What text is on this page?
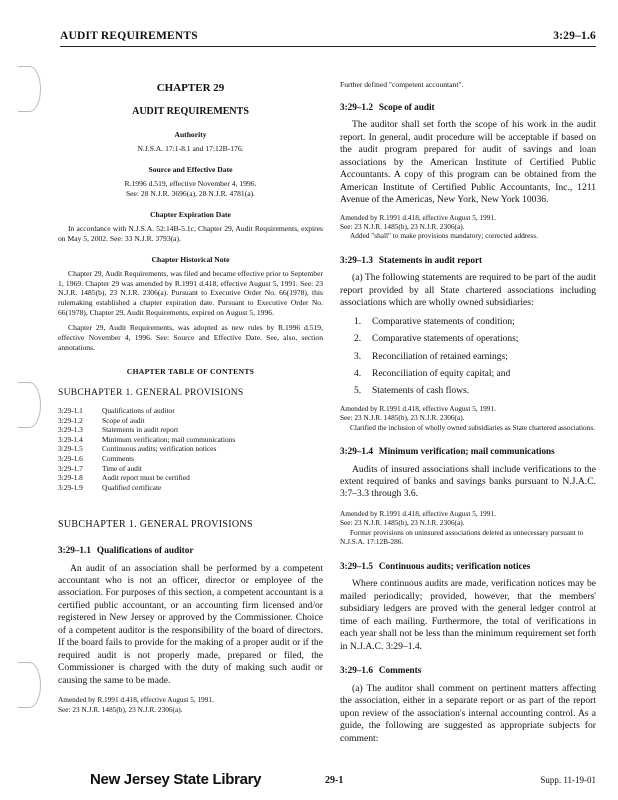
AUDIT REQUIREMENTS	3:29–1.6
CHAPTER 29
AUDIT REQUIREMENTS
Authority
N.J.S.A. 17:1-8.1 and 17:12B-176.
Source and Effective Date
R.1996 d.519, effective November 4, 1996.
See: 28 N.J.R. 3696(a), 28 N.J.R. 4781(a).
Chapter Expiration Date
In accordance with N.J.S.A. 52:14B-5.1c, Chapter 29, Audit Requirements, expires on May 5, 2002. See: 33 N.J.R. 3793(a).
Chapter Historical Note
Chapter 29, Audit Requirements, was filed and became effective prior to September 1, 1969. Chapter 29 was amended by R.1991 d.418, effective August 5, 1991. See: 23 N.J.R. 1485(b), 23 N.J.R. 2306(a). Pursuant to Executive Order No. 66(1978), this rulemaking established a chapter expiration date. Pursuant to Executive Order No. 66(1978), Chapter 29, Audit Requirements, expired on August 5, 1996.
Chapter 29, Audit Requirements, was adopted as new rules by R.1996 d.519, effective November 4, 1996. See: Source and Effective Date. See, also, section annotations.
CHAPTER TABLE OF CONTENTS
SUBCHAPTER 1. GENERAL PROVISIONS
3:29-1.1	Qualifications of auditor
3:29-1.2	Scope of audit
3:29-1.3	Statements in audit report
3:29-1.4	Minimum verification; mail communications
3:29-1.5	Continuous audits; verification notices
3:29-1.6	Comments
3:29-1.7	Time of audit
3:29-1.8	Audit report must be certified
3:29-1.9	Qualified certificate
SUBCHAPTER 1. GENERAL PROVISIONS
3:29–1.1 Qualifications of auditor
An audit of an association shall be performed by a competent accountant who is not an officer, director or employee of the association. For purposes of this section, a competent accountant is a certified public accountant, or an accounting firm licensed and/or registered in New Jersey or approved by the Commissioner. Choice of a competent auditor is the responsibility of the board of directors. If the board fails to provide for the making of a proper audit or if the required audit is not properly made, prepared or filed, the Commissioner is charged with the duty of making such audit or causing the same to be made.
Amended by R.1991 d.418, effective August 5, 1991.
See: 23 N.J.R. 1485(b), 23 N.J.R. 2306(a).
Further defined "competent accountant".
3:29–1.2 Scope of audit
The auditor shall set forth the scope of his work in the audit report. In general, audit procedure will be acceptable if based on the audit program prepared for audit of savings and loan associations by the American Institute of Certified Public Accountants. A copy of this program can be obtained from the American Institute of Certified Public Accountants, Inc., 1211 Avenue of the Americas, New York, New York 10036.
Amended by R.1991 d.418, effective August 5, 1991.
See: 23 N.J.R. 1485(b), 23 N.J.R. 2306(a).
Added "shall" to make provisions mandatory; corrected address.
3:29–1.3 Statements in audit report
(a) The following statements are required to be part of the audit report provided by all State chartered associations including associations which are wholly owned subsidiaries:
1.	Comparative statements of condition;
2.	Comparative statements of operations;
3.	Reconciliation of retained earnings;
4.	Reconciliation of equity capital; and
5.	Statements of cash flows.
Amended by R.1991 d.418, effective August 5, 1991.
See: 23 N.J.R. 1485(b), 23 N.J.R. 2306(a).
Clarified the inclusion of wholly owned subsidiaries as State chartered associations.
3:29–1.4 Minimum verification; mail communications
Audits of insured associations shall include verifications to the extent required of banks and savings banks pursuant to N.J.A.C. 3:7–3.3 through 3.6.
Amended by R.1991 d.418, effective August 5, 1991.
See: 23 N.J.R. 1485(b), 23 N.J.R. 2306(a).
Former provisions on uninsured associations deleted as unnecessary pursuant to N.J.S.A. 17:12B-286.
3:29–1.5 Continuous audits; verification notices
Where continuous audits are made, verification notices may be mailed periodically; provided, however, that the members' subsidiary ledgers are proved with the general ledger control at time of each mailing. Furthermore, the total of verifications in each year shall not be less than the minimum requirement set forth in N.J.A.C. 3:29–1.4.
3:29–1.6 Comments
(a) The auditor shall comment on pertinent matters affecting the association, either in a separate report or as part of the report upon review of the association's internal accounting control. As a guide, the following are suggested as appropriate subjects for comment:
New Jersey State Library	29-1	Supp. 11-19-01
